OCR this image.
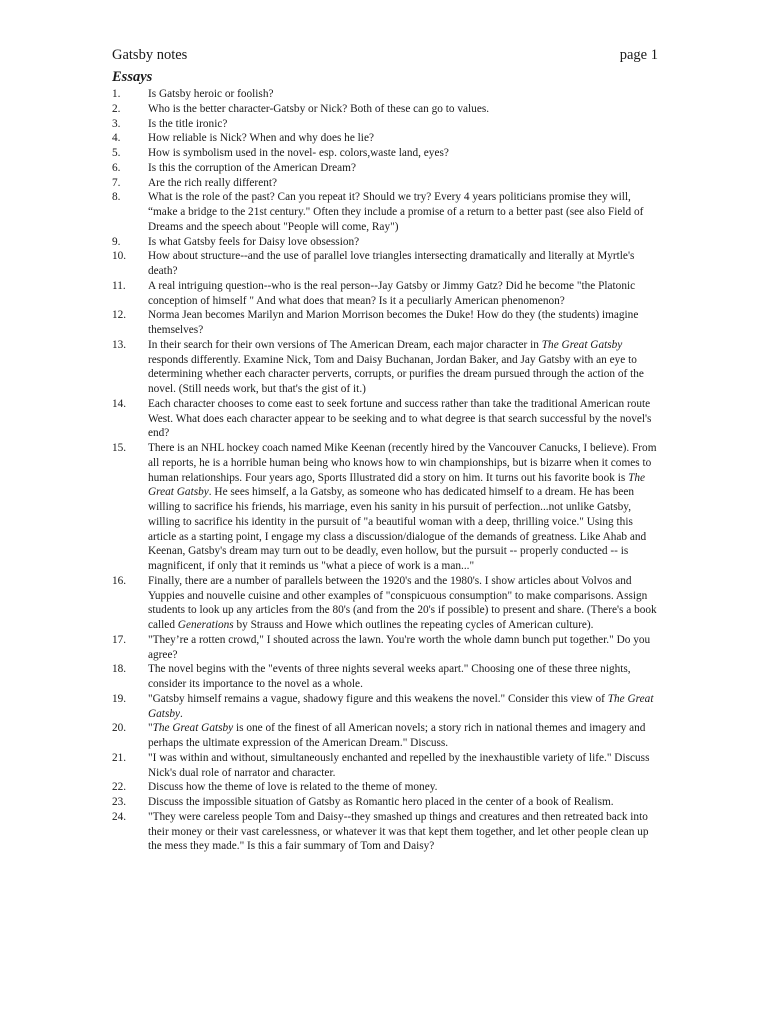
Gatsby notes	page 1
Essays
1.	Is Gatsby heroic or foolish?
2.	Who is the better character-Gatsby or Nick? Both of these can go to values.
3.	Is the title ironic?
4.	How reliable is Nick? When and why does he lie?
5.	How is symbolism used in the novel- esp. colors,waste land, eyes?
6.	Is this the corruption of the American Dream?
7.	Are the rich really different?
8.	What is the role of the past? Can you repeat it? Should we try? Every 4 years politicians promise they will, “make a bridge to the 21st century." Often they include a promise of a return to a better past (see also Field of Dreams and the speech about "People will come, Ray")
9.	Is what Gatsby feels for Daisy love obsession?
10.	How about structure--and the use of parallel love triangles intersecting dramatically and literally at Myrtle's death?
11.	A real intriguing question--who is the real person--Jay Gatsby or Jimmy Gatz? Did he become "the Platonic conception of himself " And what does that mean? Is it a peculiarly American phenomenon?
12.	Norma Jean becomes Marilyn and Marion Morrison becomes the Duke! How do they (the students) imagine themselves?
13.	In their search for their own versions of The American Dream, each major character in The Great Gatsby responds differently. Examine Nick, Tom and Daisy Buchanan, Jordan Baker, and Jay Gatsby with an eye to determining whether each character perverts, corrupts, or purifies the dream pursued through the action of the novel. (Still needs work, but that's the gist of it.)
14.	Each character chooses to come east to seek fortune and success rather than take the traditional American route West. What does each character appear to be seeking and to what degree is that search successful by the novel's end?
15.	There is an NHL hockey coach named Mike Keenan (recently hired by the Vancouver Canucks, I believe). From all reports, he is a horrible human being who knows how to win championships, but is bizarre when it comes to human relationships. Four years ago, Sports Illustrated did a story on him. It turns out his favorite book is The Great Gatsby. He sees himself, a la Gatsby, as someone who has dedicated himself to a dream. He has been willing to sacrifice his friends, his marriage, even his sanity in his pursuit of perfection...not unlike Gatsby, willing to sacrifice his identity in the pursuit of "a beautiful woman with a deep, thrilling voice." Using this article as a starting point, I engage my class a discussion/dialogue of the demands of greatness. Like Ahab and Keenan, Gatsby's dream may turn out to be deadly, even hollow, but the pursuit -- properly conducted -- is magnificent, if only that it reminds us "what a piece of work is a man..."
16.	Finally, there are a number of parallels between the 1920's and the 1980's. I show articles about Volvos and Yuppies and nouvelle cuisine and other examples of "conspicuous consumption" to make comparisons. Assign students to look up any articles from the 80's (and from the 20's if possible) to present and share. (There's a book called Generations by Strauss and Howe which outlines the repeating cycles of American culture).
17.	"They’re a rotten crowd," I shouted across the lawn. You're worth the whole damn bunch put together." Do you agree?
18.	The novel begins with the "events of three nights several weeks apart." Choosing one of these three nights, consider its importance to the novel as a whole.
19.	"Gatsby himself remains a vague, shadowy figure and this weakens the novel." Consider this view of The Great Gatsby.
20.	"The Great Gatsby is one of the finest of all American novels; a story rich in national themes and imagery and perhaps the ultimate expression of the American Dream." Discuss.
21.	"I was within and without, simultaneously enchanted and repelled by the inexhaustible variety of life." Discuss Nick's dual role of narrator and character.
22.	Discuss how the theme of love is related to the theme of money.
23.	Discuss the impossible situation of Gatsby as Romantic hero placed in the center of a book of Realism.
24.	"They were careless people Tom and Daisy--they smashed up things and creatures and then retreated back into their money or their vast carelessness, or whatever it was that kept them together, and let other people clean up the mess they made." Is this a fair summary of Tom and Daisy?
